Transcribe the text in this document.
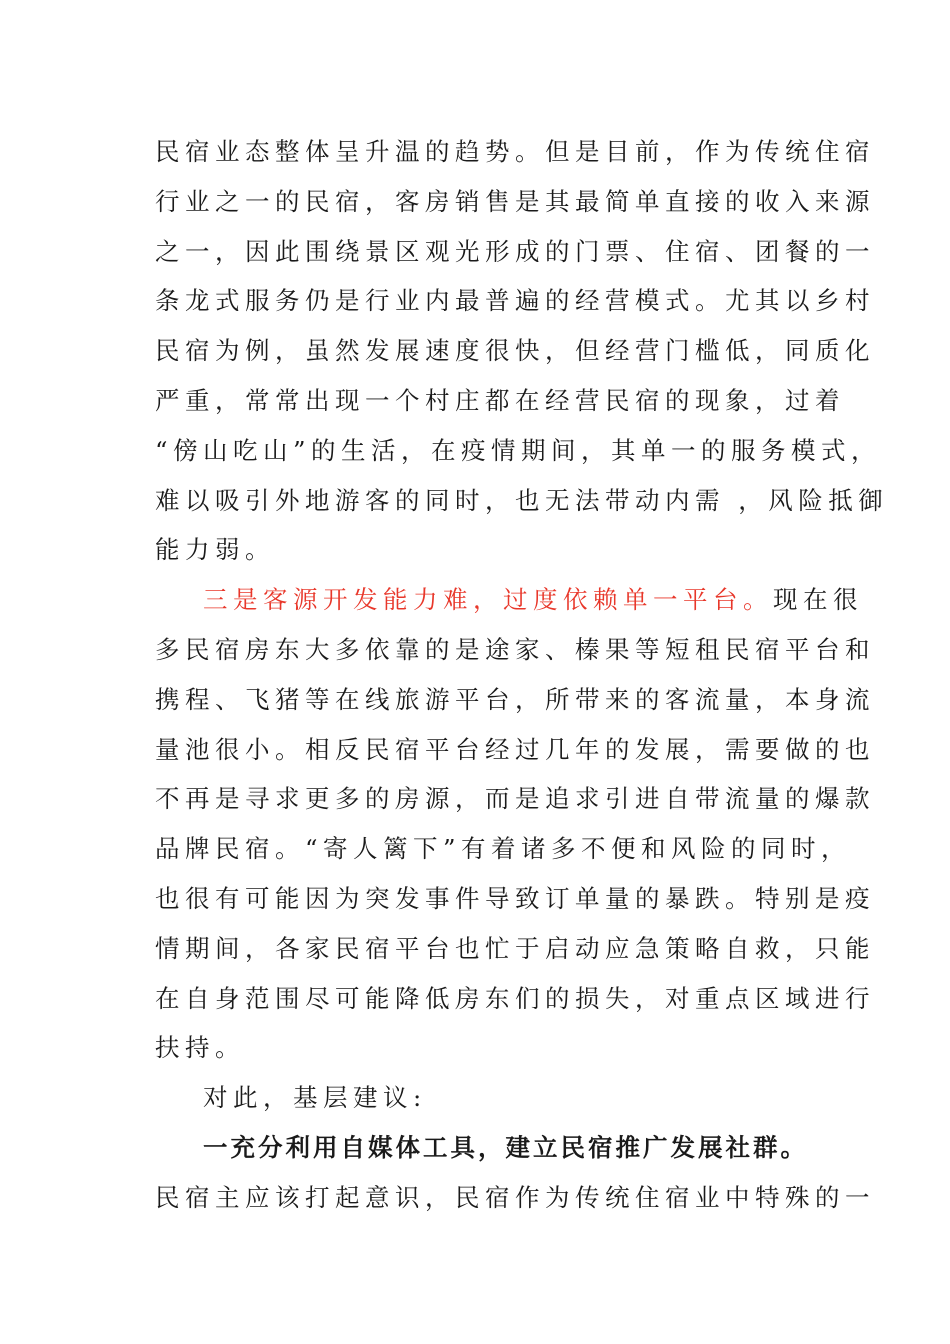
民宿业态整体呈升温的趋势。但是目前，作为传统住宿
行业之一的民宿，客房销售是其最简单直接的收入来源
之一，因此围绕景区观光形成的门票、住宿、团餐的一
条龙式服务仍是行业内最普遍的经营模式。尤其以乡村
民宿为例，虽然发展速度很快，但经营门槛低，同质化
严重，常常出现一个村庄都在经营民宿的现象，过着
“傍山吃山”的生活，在疫情期间，其单一的服务模式，
难以吸引外地游客的同时，也无法带动内需 ，风险抵御
能力弱。
三是客源开发能力难，过度依赖单一平台。现在很
多民宿房东大多依靠的是途家、榛果等短租民宿平台和
携程、飞猪等在线旅游平台，所带来的客流量，本身流
量池很小。相反民宿平台经过几年的发展，需要做的也
不再是寻求更多的房源，而是追求引进自带流量的爆款
品牌民宿。“寄人篱下”有着诸多不便和风险的同时，
也很有可能因为突发事件导致订单量的暴跌。特别是疫
情期间，各家民宿平台也忙于启动应急策略自救，只能
在自身范围尽可能降低房东们的损失，对重点区域进行
扶持。
对此，基层建议:
一充分利用自媒体工具，建立民宿推广发展社群。
民宿主应该打起意识，民宿作为传统住宿业中特殊的一
